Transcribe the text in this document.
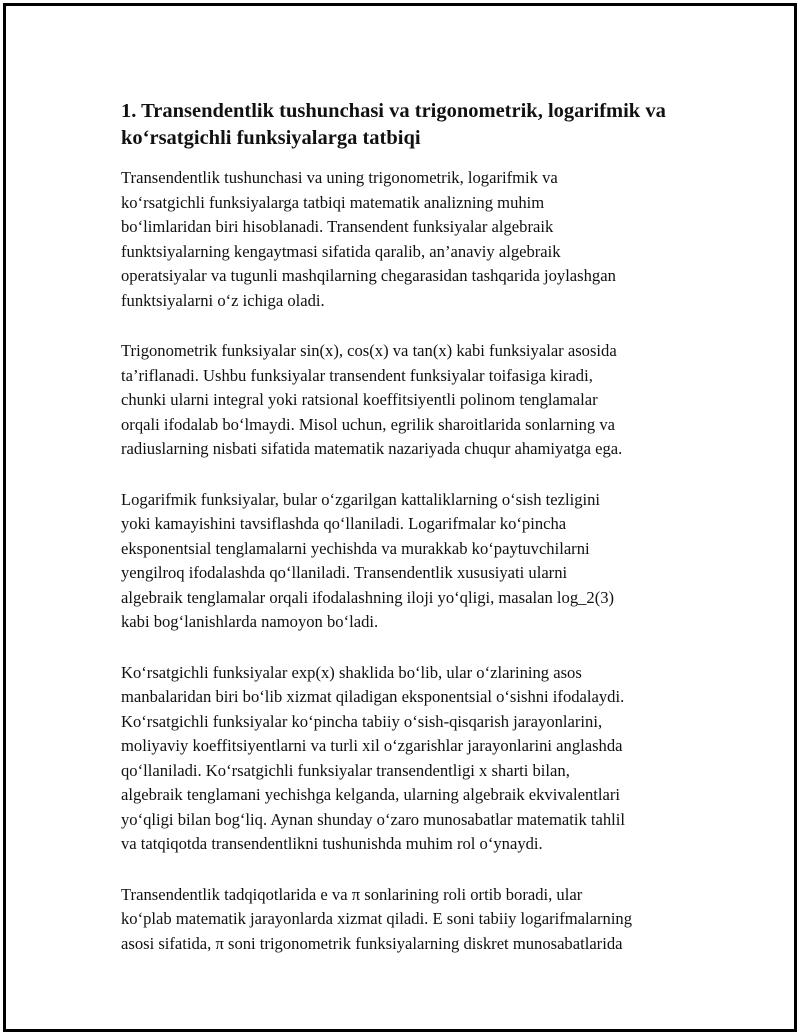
1. Transendentlik tushunchasi va trigonometrik, logarifmik va ko‘rsatgichli funksiyalarga tatbiqi

Transendentlik tushunchasi va uning trigonometrik, logarifmik va
ko‘rsatgichli funksiyalarga tatbiqi matematik analizning muhim
bo‘limlaridan biri hisoblanadi. Transendent funksiyalar algebraik
funktsiyalarning kengaytmasi sifatida qaralib, an’anaviy algebraik
operatsiyalar va tugunli mashqilarning chegarasidan tashqarida joylashgan
funktsiyalarni o‘z ichiga oladi.

Trigonometrik funksiyalar sin(x), cos(x) va tan(x) kabi funksiyalar asosida
ta’riflanadi. Ushbu funksiyalar transendent funksiyalar toifasiga kiradi,
chunki ularni integral yoki ratsional koeffitsiyentli polinom tenglamalar
orqali ifodalab bo‘lmaydi. Misol uchun, egrilik sharoitlarida sonlarning va
radiuslarning nisbati sifatida matematik nazariyada chuqur ahamiyatga ega.

Logarifmik funksiyalar, bular o‘zgarilgan kattaliklarning o‘sish tezligini
yoki kamayishini tavsiflashda qo‘llaniladi. Logarifmalar ko‘pincha
eksponentsial tenglamalarni yechishda va murakkab ko‘paytuvchilarni
yengilroq ifodalashda qo‘llaniladi. Transendentlik xususiyati ularni
algebraik tenglamalar orqali ifodalashning iloji yo‘qligi, masalan log_2(3)
kabi bog‘lanishlarda namoyon bo‘ladi.

Ko‘rsatgichli funksiyalar exp(x) shaklida bo‘lib, ular o‘zlarining asos
manbalaridan biri bo‘lib xizmat qiladigan eksponentsial o‘sishni ifodalaydi.
Ko‘rsatgichli funksiyalar ko‘pincha tabiiy o‘sish-qisqarish jarayonlarini,
moliyaviy koeffitsiyentlarni va turli xil o‘zgarishlar jarayonlarini anglashda
qo‘llaniladi. Ko‘rsatgichli funksiyalar transendentligi x sharti bilan,
algebraik tenglamani yechishga kelganda, ularning algebraik ekvivalentlari
yo‘qligi bilan bog‘liq. Aynan shunday o‘zaro munosabatlar matematik tahlil
va tatqiqotda transendentlikni tushunishda muhim rol o‘ynaydi.

Transendentlik tadqiqotlarida e va π sonlarining roli ortib boradi, ular
ko‘plab matematik jarayonlarda xizmat qiladi. E soni tabiiy logarifmalarning
asosi sifatida, π soni trigonometrik funksiyalarning diskret munosabatlarida
